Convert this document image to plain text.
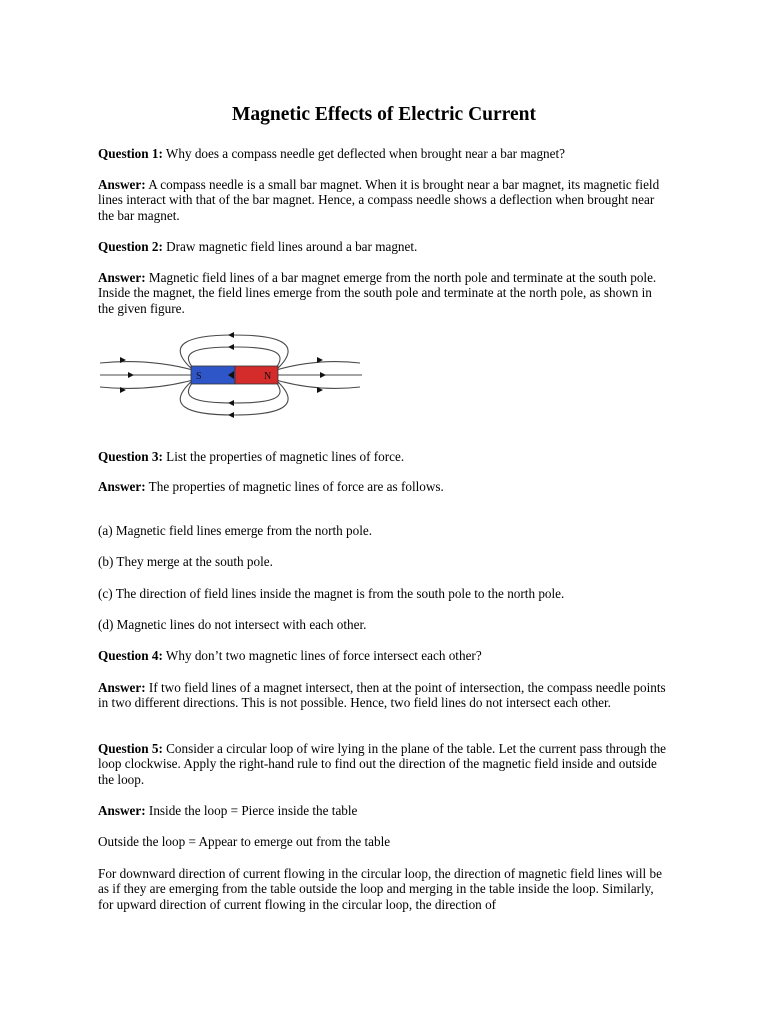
Magnetic Effects of Electric Current

Question 1: Why does a compass needle get deflected when brought near a bar magnet?

Answer: A compass needle is a small bar magnet. When it is brought near a bar magnet, its magnetic field lines interact with that of the bar magnet. Hence, a compass needle shows a deflection when brought near the bar magnet.

Question 2: Draw magnetic field lines around a bar magnet.

Answer: Magnetic field lines of a bar magnet emerge from the north pole and terminate at the south pole. Inside the magnet, the field lines emerge from the south pole and terminate at the north pole, as shown in the given figure.

S	N

Question 3: List the properties of magnetic lines of force.

Answer: The properties of magnetic lines of force are as follows.

(a) Magnetic field lines emerge from the north pole.

(b) They merge at the south pole.

(c) The direction of field lines inside the magnet is from the south pole to the north pole.

(d) Magnetic lines do not intersect with each other.

Question 4: Why don’t two magnetic lines of force intersect each other?

Answer: If two field lines of a magnet intersect, then at the point of intersection, the compass needle points in two different directions. This is not possible. Hence, two field lines do not intersect each other.

Question 5: Consider a circular loop of wire lying in the plane of the table. Let the current pass through the loop clockwise. Apply the right-hand rule to find out the direction of the magnetic field inside and outside the loop.

Answer: Inside the loop = Pierce inside the table

Outside the loop = Appear to emerge out from the table

For downward direction of current flowing in the circular loop, the direction of magnetic field lines will be as if they are emerging from the table outside the loop and merging in the table inside the loop. Similarly, for upward direction of current flowing in the circular loop, the direction of
